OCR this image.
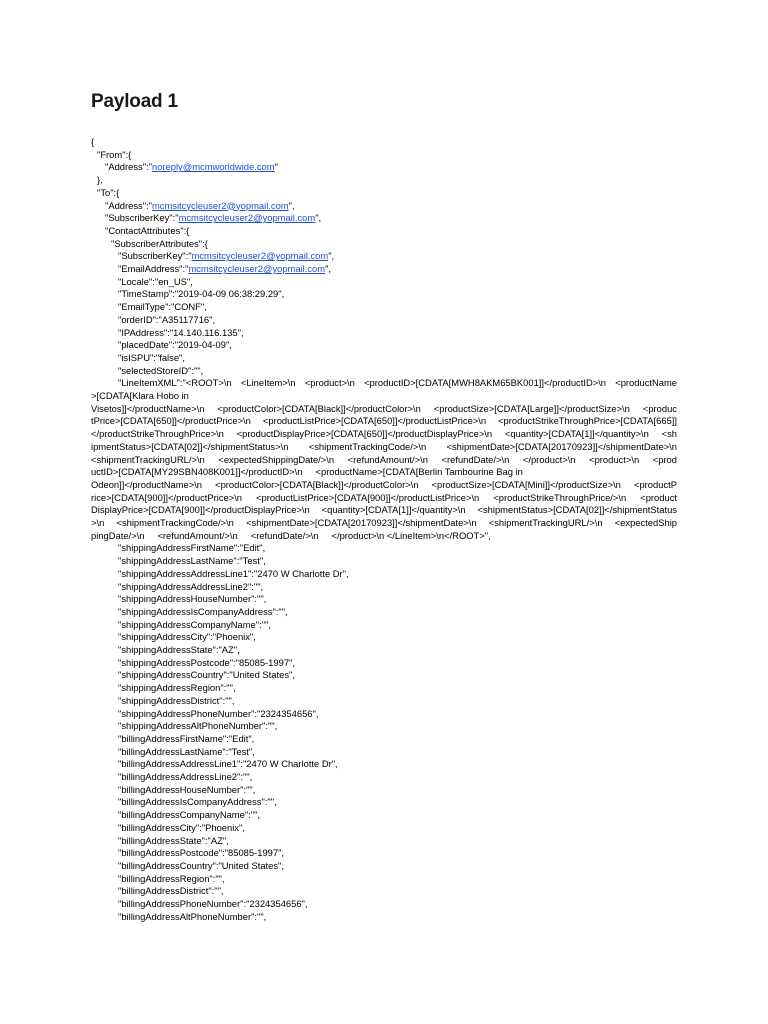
Payload 1
{
"From":{
"Address":"noreply@mcmworldwide.com"
},
"To":{
"Address":"mcmsitcycleuser2@yopmail.com",
"SubscriberKey":"mcmsitcycleuser2@yopmail.com",
"ContactAttributes":{
"SubscriberAttributes":{
"SubscriberKey":"mcmsitcycleuser2@yopmail.com",
"EmailAddress":"mcmsitcycleuser2@yopmail.com",
"Locale":"en_US",
"TimeStamp":"2019-04-09 06:38:29.29",
"EmailType":"CONF",
"orderID":"A35117716",
"IPAddress":"14.140.116.135",
"placedDate":"2019-04-09",
"isISPU":"false",
"selectedStoreID":"",
"LineItemXML":"<ROOT>\n <LineItem>\n <product>\n <productID>[CDATA[MWH8AKM65BK001]]</productID>\n <productName
>[CDATA[Klara Hobo in
Visetos]]</productName>\n <productColor>[CDATA[Black]]</productColor>\n <productSize>[CDATA[Large]]</productSize>\n <produc
tPrice>[CDATA[650]]</productPrice>\n <productListPrice>[CDATA[650]]</productListPrice>\n <productStrikeThroughPrice>[CDATA[665]]
</productStrikeThroughPrice>\n <productDisplayPrice>[CDATA[650]]</productDisplayPrice>\n <quantity>[CDATA[1]]</quantity>\n <sh
ipmentStatus>[CDATA[02]]</shipmentStatus>\n <shipmentTrackingCode/>\n <shipmentDate>[CDATA[20170923]]</shipmentDate>\n
<shipmentTrackingURL/>\n <expectedShippingDate/>\n <refundAmount/>\n <refundDate/>\n </product>\n <product>\n <prod
uctID>[CDATA[MY29SBN408K001]]</productID>\n     <productName>[CDATA[Berlin Tambourine Bag in
Odeon]]</productName>\n <productColor>[CDATA[Black]]</productColor>\n <productSize>[CDATA[Mini]]</productSize>\n <productP
rice>[CDATA[900]]</productPrice>\n <productListPrice>[CDATA[900]]</productListPrice>\n <productStrikeThroughPrice/>\n <product
DisplayPrice>[CDATA[900]]</productDisplayPrice>\n <quantity>[CDATA[1]]</quantity>\n <shipmentStatus>[CDATA[02]]</shipmentStatus
>\n <shipmentTrackingCode/>\n <shipmentDate>[CDATA[20170923]]</shipmentDate>\n <shipmentTrackingURL/>\n <expectedShip
pingDate/>\n     <refundAmount/>\n     <refundDate/>\n     </product>\n </LineItem>\n</ROOT>",
"shippingAddressFirstName":"Edit",
"shippingAddressLastName":"Test",
"shippingAddressAddressLine1":"2470 W Charlotte Dr",
"shippingAddressAddressLine2":"",
"shippingAddressHouseNumber":"",
"shippingAddressIsCompanyAddress":"",
"shippingAddressCompanyName":"",
"shippingAddressCity":"Phoenix",
"shippingAddressState":"AZ",
"shippingAddressPostcode":"85085-1997",
"shippingAddressCountry":"United States",
"shippingAddressRegion":"",
"shippingAddressDistrict":"",
"shippingAddressPhoneNumber":"2324354656",
"shippingAddressAltPhoneNumber":"",
"billingAddressFirstName":"Edit",
"billingAddressLastName":"Test",
"billingAddressAddressLine1":"2470 W Charlotte Dr",
"billingAddressAddressLine2":"",
"billingAddressHouseNumber":"",
"billingAddressIsCompanyAddress":"",
"billingAddressCompanyName":"",
"billingAddressCity":"Phoenix",
"billingAddressState":"AZ",
"billingAddressPostcode":"85085-1997",
"billingAddressCountry":"United States",
"billingAddressRegion":"",
"billingAddressDistrict":"",
"billingAddressPhoneNumber":"2324354656",
"billingAddressAltPhoneNumber":"",
